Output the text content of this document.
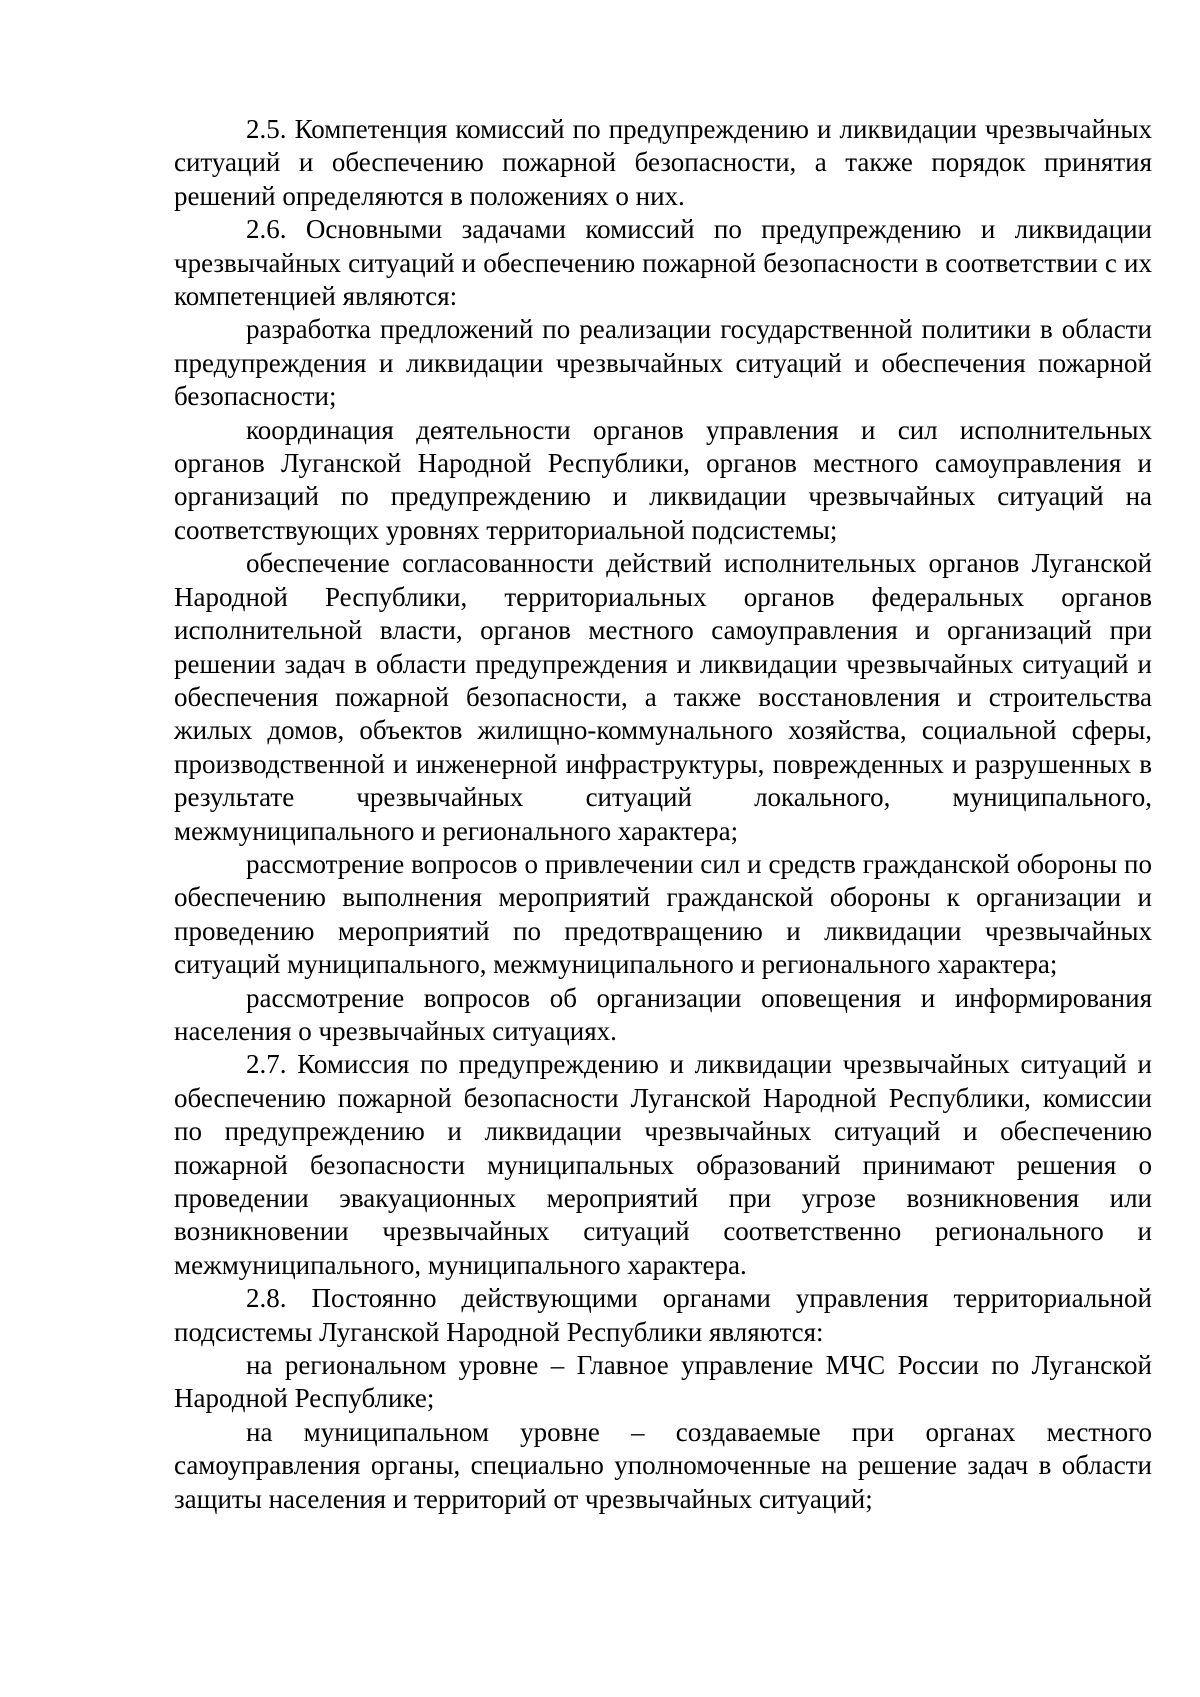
2.5. Компетенция комиссий по предупреждению и ликвидации чрезвычайных ситуаций и обеспечению пожарной безопасности, а также порядок принятия решений определяются в положениях о них.

2.6. Основными задачами комиссий по предупреждению и ликвидации чрезвычайных ситуаций и обеспечению пожарной безопасности в соответствии с их компетенцией являются:

разработка предложений по реализации государственной политики в области предупреждения и ликвидации чрезвычайных ситуаций и обеспечения пожарной безопасности;

координация деятельности органов управления и сил исполнительных органов Луганской Народной Республики, органов местного самоуправления и организаций по предупреждению и ликвидации чрезвычайных ситуаций на соответствующих уровнях территориальной подсистемы;

обеспечение согласованности действий исполнительных органов Луганской Народной Республики, территориальных органов федеральных органов исполнительной власти, органов местного самоуправления и организаций при решении задач в области предупреждения и ликвидации чрезвычайных ситуаций и обеспечения пожарной безопасности, а также восстановления и строительства жилых домов, объектов жилищно-коммунального хозяйства, социальной сферы, производственной и инженерной инфраструктуры, поврежденных и разрушенных в результате чрезвычайных ситуаций локального, муниципального, межмуниципального и регионального характера;

рассмотрение вопросов о привлечении сил и средств гражданской обороны по обеспечению выполнения мероприятий гражданской обороны к организации и проведению мероприятий по предотвращению и ликвидации чрезвычайных ситуаций муниципального, межмуниципального и регионального характера;

рассмотрение вопросов об организации оповещения и информирования населения о чрезвычайных ситуациях.

2.7. Комиссия по предупреждению и ликвидации чрезвычайных ситуаций и обеспечению пожарной безопасности Луганской Народной Республики, комиссии по предупреждению и ликвидации чрезвычайных ситуаций и обеспечению пожарной безопасности муниципальных образований принимают решения о проведении эвакуационных мероприятий при угрозе возникновения или возникновении чрезвычайных ситуаций соответственно регионального и межмуниципального, муниципального характера.

2.8. Постоянно действующими органами управления территориальной подсистемы Луганской Народной Республики являются:

на региональном уровне – Главное управление МЧС России по Луганской Народной Республике;

на муниципальном уровне – создаваемые при органах местного самоуправления органы, специально уполномоченные на решение задач в области защиты населения и территорий от чрезвычайных ситуаций;
